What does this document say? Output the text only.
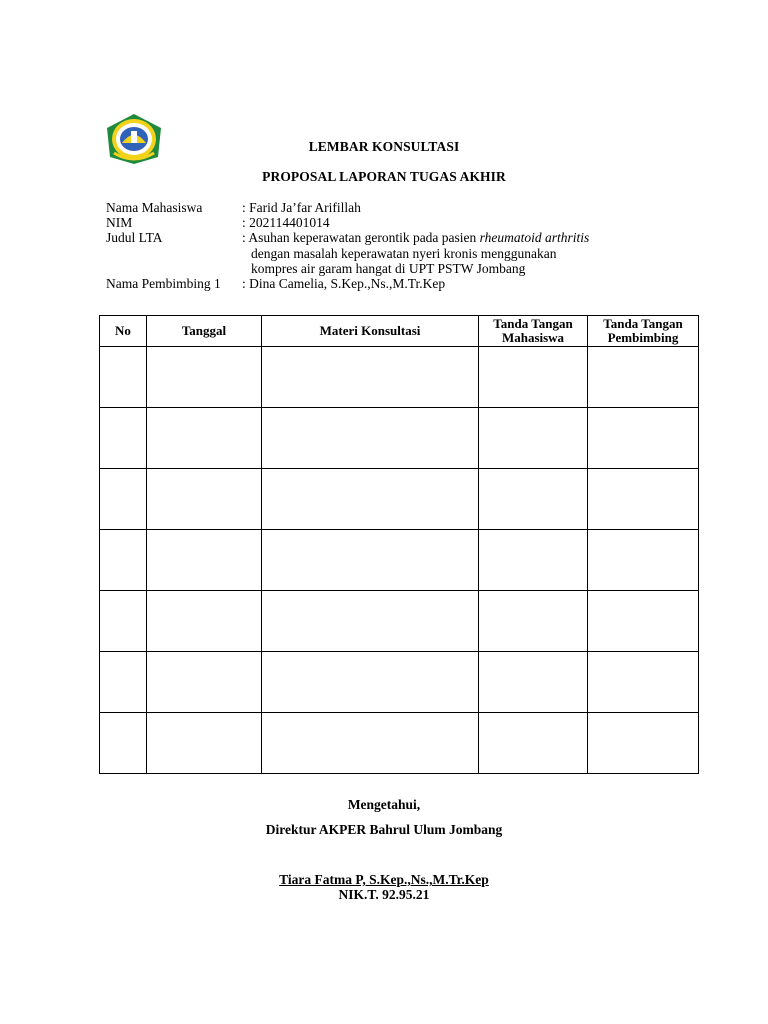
LEMBAR KONSULTASI
PROPOSAL LAPORAN TUGAS AKHIR
Nama Mahasiswa	: Farid Ja’far Arifillah
NIM	: 202114401014
Judul LTA	: Asuhan keperawatan gerontik pada pasien rheumatoid arthritis
dengan masalah keperawatan nyeri kronis menggunakan
kompres air garam hangat di UPT PSTW Jombang
Nama Pembimbing 1 : Dina Camelia, S.Kep.,Ns.,M.Tr.Kep
No	Tanggal	Materi Konsultasi	Tanda Tangan Mahasiswa	Tanda Tangan Pembimbing

Mengetahui,
Direktur AKPER Bahrul Ulum Jombang
Tiara Fatma P, S.Kep.,Ns.,M.Tr.Kep
NIK.T. 92.95.21
